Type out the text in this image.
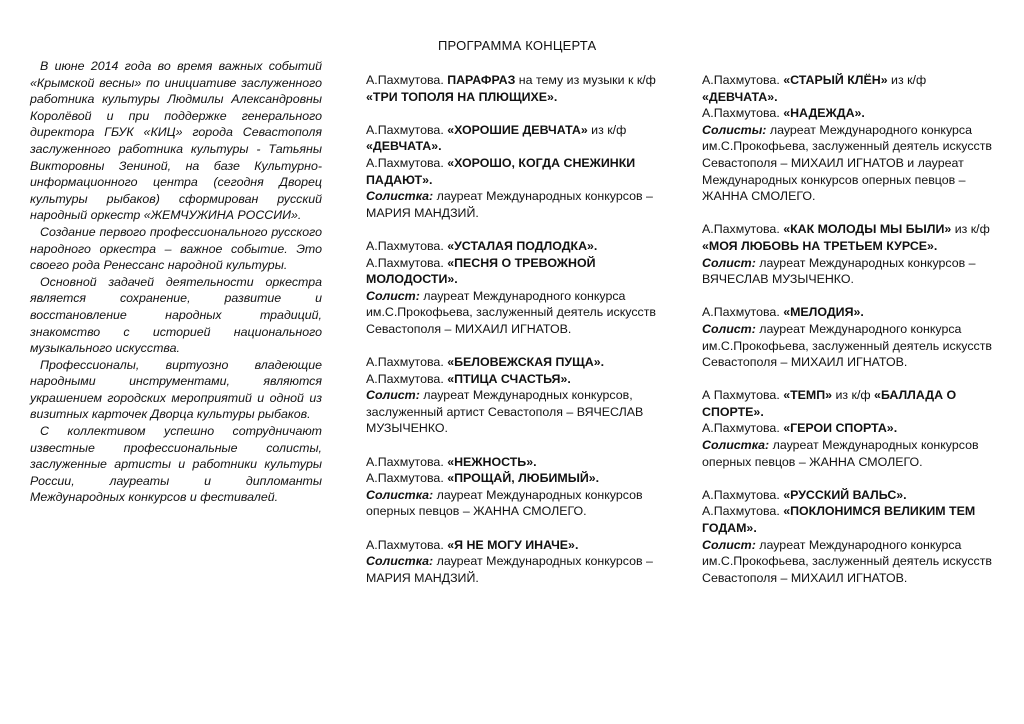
ПРОГРАММА КОНЦЕРТА

В июне 2014 года во время важных событий «Крымской весны» по инициативе заслуженного работника культуры Людмилы Александровны Королёвой и при поддержке генерального директора ГБУК «КИЦ» города Севастополя заслуженного работника культуры - Татьяны Викторовны Зениной, на базе Культурно-информационного центра (сегодня Дворец культуры рыбаков) сформирован русский народный оркестр «ЖЕМЧУЖИНА РОССИИ».

Создание первого профессионального русского народного оркестра – важное событие. Это своего рода Ренессанс народной культуры.

Основной задачей деятельности оркестра является сохранение, развитие и восстановление народных традиций, знакомство с историей национального музыкального искусства.

Профессионалы, виртуозно владеющие народными инструментами, являются украшением городских мероприятий и одной из визитных карточек Дворца культуры рыбаков.

С коллективом успешно сотрудничают известные профессиональные солисты, заслуженные артисты и работники культуры России, лауреаты и дипломанты Международных конкурсов и фестивалей.

А.Пахмутова. ПАРАФРАЗ на тему из музыки к к/ф «ТРИ ТОПОЛЯ НА ПЛЮЩИХЕ».
А.Пахмутова. «ХОРОШИЕ ДЕВЧАТА» из к/ф «ДЕВЧАТА».
А.Пахмутова. «ХОРОШО, КОГДА СНЕЖИНКИ ПАДАЮТ».
Солистка: лауреат Международных конкурсов – МАРИЯ МАНДЗИЙ.
А.Пахмутова. «УСТАЛАЯ ПОДЛОДКА».
А.Пахмутова. «ПЕСНЯ О ТРЕВОЖНОЙ МОЛОДОСТИ».
Солист: лауреат Международного конкурса им.С.Прокофьева, заслуженный деятель искусств Севастополя – МИХАИЛ ИГНАТОВ.
А.Пахмутова. «БЕЛОВЕЖСКАЯ ПУЩА».
А.Пахмутова. «ПТИЦА СЧАСТЬЯ».
Солист: лауреат Международных конкурсов, заслуженный артист Севастополя – ВЯЧЕСЛАВ МУЗЫЧЕНКО.
А.Пахмутова. «НЕЖНОСТЬ».
А.Пахмутова. «ПРОЩАЙ, ЛЮБИМЫЙ».
Солистка: лауреат Международных конкурсов оперных певцов – ЖАННА СМОЛЕГО.
А.Пахмутова. «Я НЕ МОГУ ИНАЧЕ».
Солистка: лауреат Международных конкурсов – МАРИЯ МАНДЗИЙ.
А.Пахмутова. «СТАРЫЙ КЛЁН» из к/ф «ДЕВЧАТА».
А.Пахмутова. «НАДЕЖДА».
Солисты: лауреат Международного конкурса им.С.Прокофьева, заслуженный деятель искусств Севастополя – МИХАИЛ ИГНАТОВ и лауреат Международных конкурсов оперных певцов – ЖАННА СМОЛЕГО.
А.Пахмутова. «КАК МОЛОДЫ МЫ БЫЛИ» из к/ф «МОЯ ЛЮБОВЬ НА ТРЕТЬЕМ КУРСЕ».
Солист: лауреат Международных конкурсов – ВЯЧЕСЛАВ МУЗЫЧЕНКО.
А.Пахмутова. «МЕЛОДИЯ».
Солист: лауреат Международного конкурса им.С.Прокофьева, заслуженный деятель искусств Севастополя – МИХАИЛ ИГНАТОВ.
А Пахмутова. «ТЕМП» из к/ф «БАЛЛАДА О СПОРТЕ».
А.Пахмутова. «ГЕРОИ СПОРТА».
Солистка: лауреат Международных конкурсов оперных певцов – ЖАННА СМОЛЕГО.
А.Пахмутова. «РУССКИЙ ВАЛЬС».
А.Пахмутова. «ПОКЛОНИМСЯ ВЕЛИКИМ ТЕМ ГОДАМ».
Солист: лауреат Международного конкурса им.С.Прокофьева, заслуженный деятель искусств Севастополя – МИХАИЛ ИГНАТОВ.
